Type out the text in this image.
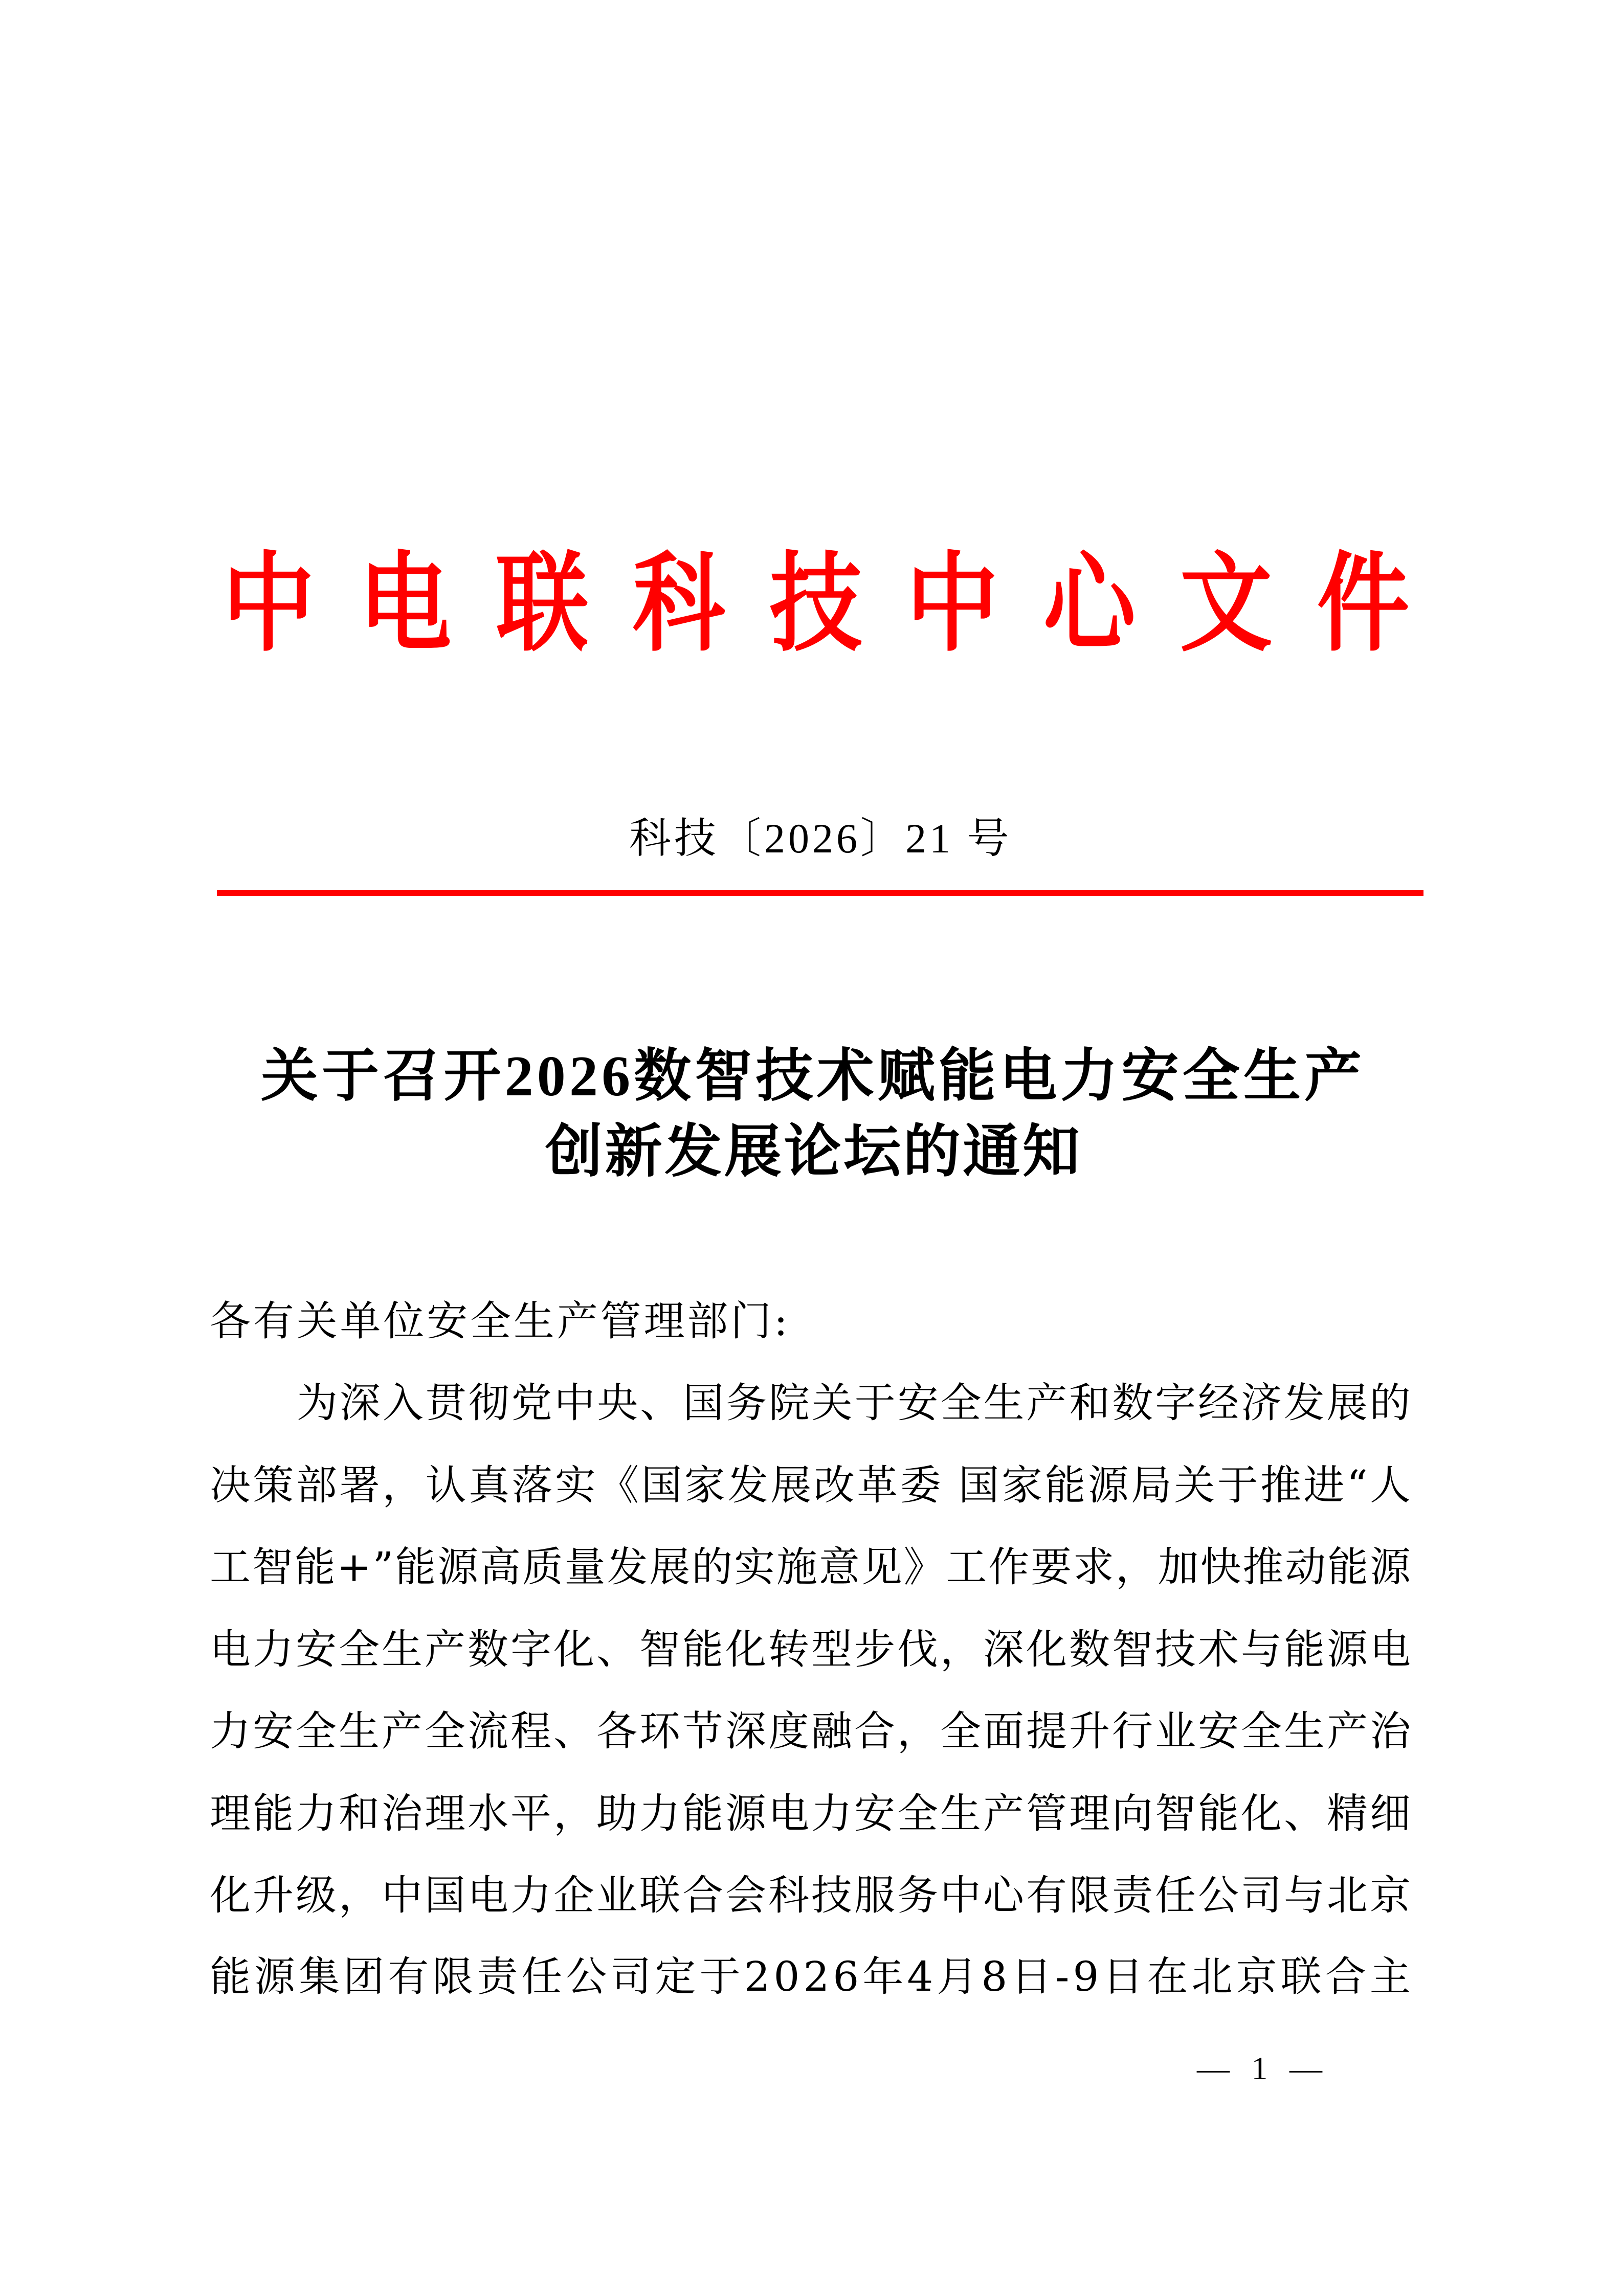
中 电 联 科 技 中 心 文 件
科 技 〔 2 0 2 6 〕 2 1
号
关 于 召 开 2 0 2 6 数 智 技 术 赋 能 电 力 安 全 生 产
创 新 发 展 论 坛 的 通 知
各 有 关 单 位 安 全 生 产 管 理 部 门 :
为 深 入 贯 彻 党 中 央 、 国 务 院 关 于 安 全 生 产 和 数 字 经 济 发 展 的
决 策 部 署 ， 认 真 落 实 《 国 家 发 展 改 革 委
国 家 能 源 局 关 于 推 进 “ 人
工 智 能 + ” 能 源 高 质 量 发 展 的 实 施 意 见 》 工 作 要 求 ， 加 快 推 动 能 源
电 力 安 全 生 产 数 字 化 、 智 能 化 转 型 步 伐 ， 深 化 数 智 技 术 与 能 源 电
力 安 全 生 产 全 流 程 、 各 环 节 深 度 融 合 ， 全 面 提 升 行 业 安 全 生 产 治
理 能 力 和 治 理 水 平 ， 助 力 能 源 电 力 安 全 生 产 管 理 向 智 能 化 、 精 细
化 升 级 ， 中 国 电 力 企 业 联 合 会 科 技 服 务 中 心 有 限 责 任 公 司 与 北 京
能 源 集 团 有 限 责 任 公 司 定 于 2 0 2 6 年 4 月 8 日 - 9 日 在 北 京 联 合 主
—
1
—
